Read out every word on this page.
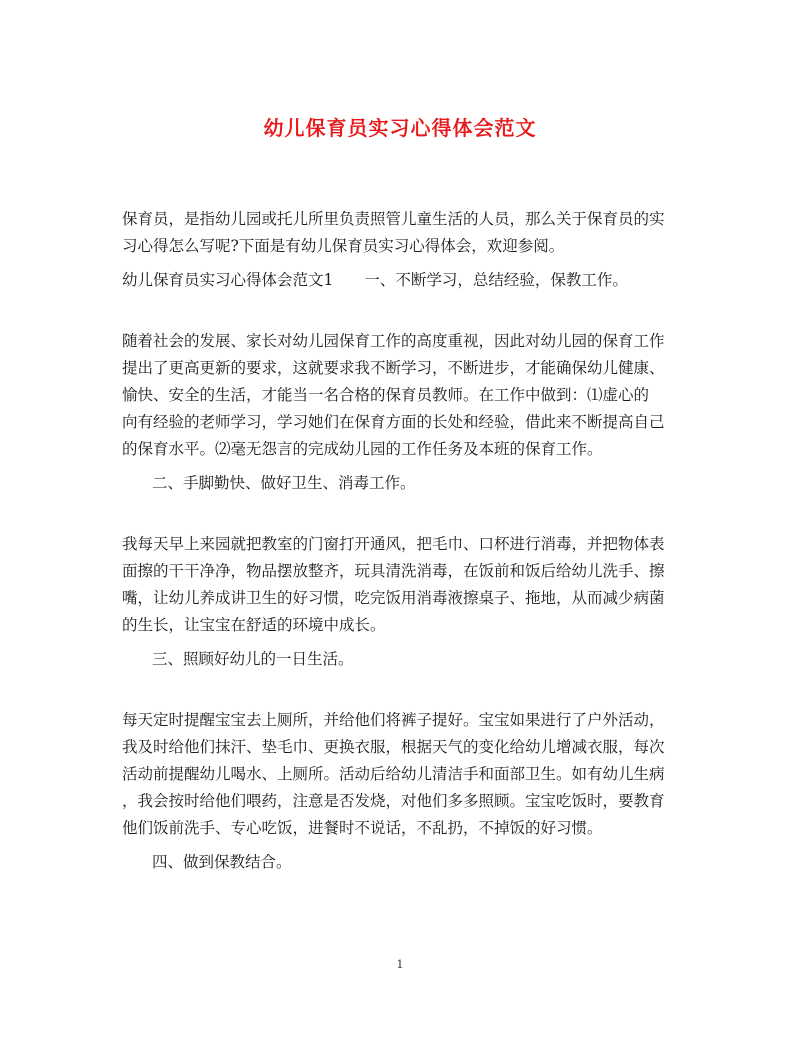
幼儿保育员实习心得体会范文
保育员，是指幼儿园或托儿所里负责照管儿童生活的人员，那么关于保育员的实
习心得怎么写呢?下面是有幼儿保育员实习心得体会，欢迎参阅。
幼儿保育员实习心得体会范文1　　一、不断学习，总结经验，保教工作。
随着社会的发展、家长对幼儿园保育工作的高度重视，因此对幼儿园的保育工作
提出了更高更新的要求，这就要求我不断学习，不断进步，才能确保幼儿健康、
愉快、安全的生活，才能当一名合格的保育员教师。在工作中做到：⑴虚心的
向有经验的老师学习，学习她们在保育方面的长处和经验，借此来不断提高自己
的保育水平。⑵毫无怨言的完成幼儿园的工作任务及本班的保育工作。
二、手脚勤快、做好卫生、消毒工作。
我每天早上来园就把教室的门窗打开通风，把毛巾、口杯进行消毒，并把物体表
面擦的干干净净，物品摆放整齐，玩具清洗消毒，在饭前和饭后给幼儿洗手、擦
嘴，让幼儿养成讲卫生的好习惯，吃完饭用消毒液擦桌子、拖地，从而减少病菌
的生长，让宝宝在舒适的环境中成长。
三、照顾好幼儿的一日生活。
每天定时提醒宝宝去上厕所，并给他们将裤子提好。宝宝如果进行了户外活动，
我及时给他们抹汗、垫毛巾、更换衣服，根据天气的变化给幼儿增减衣服，每次
活动前提醒幼儿喝水、上厕所。活动后给幼儿清洁手和面部卫生。如有幼儿生病
，我会按时给他们喂药，注意是否发烧，对他们多多照顾。宝宝吃饭时，要教育
他们饭前洗手、专心吃饭，进餐时不说话，不乱扔，不掉饭的好习惯。
四、做到保教结合。
1
